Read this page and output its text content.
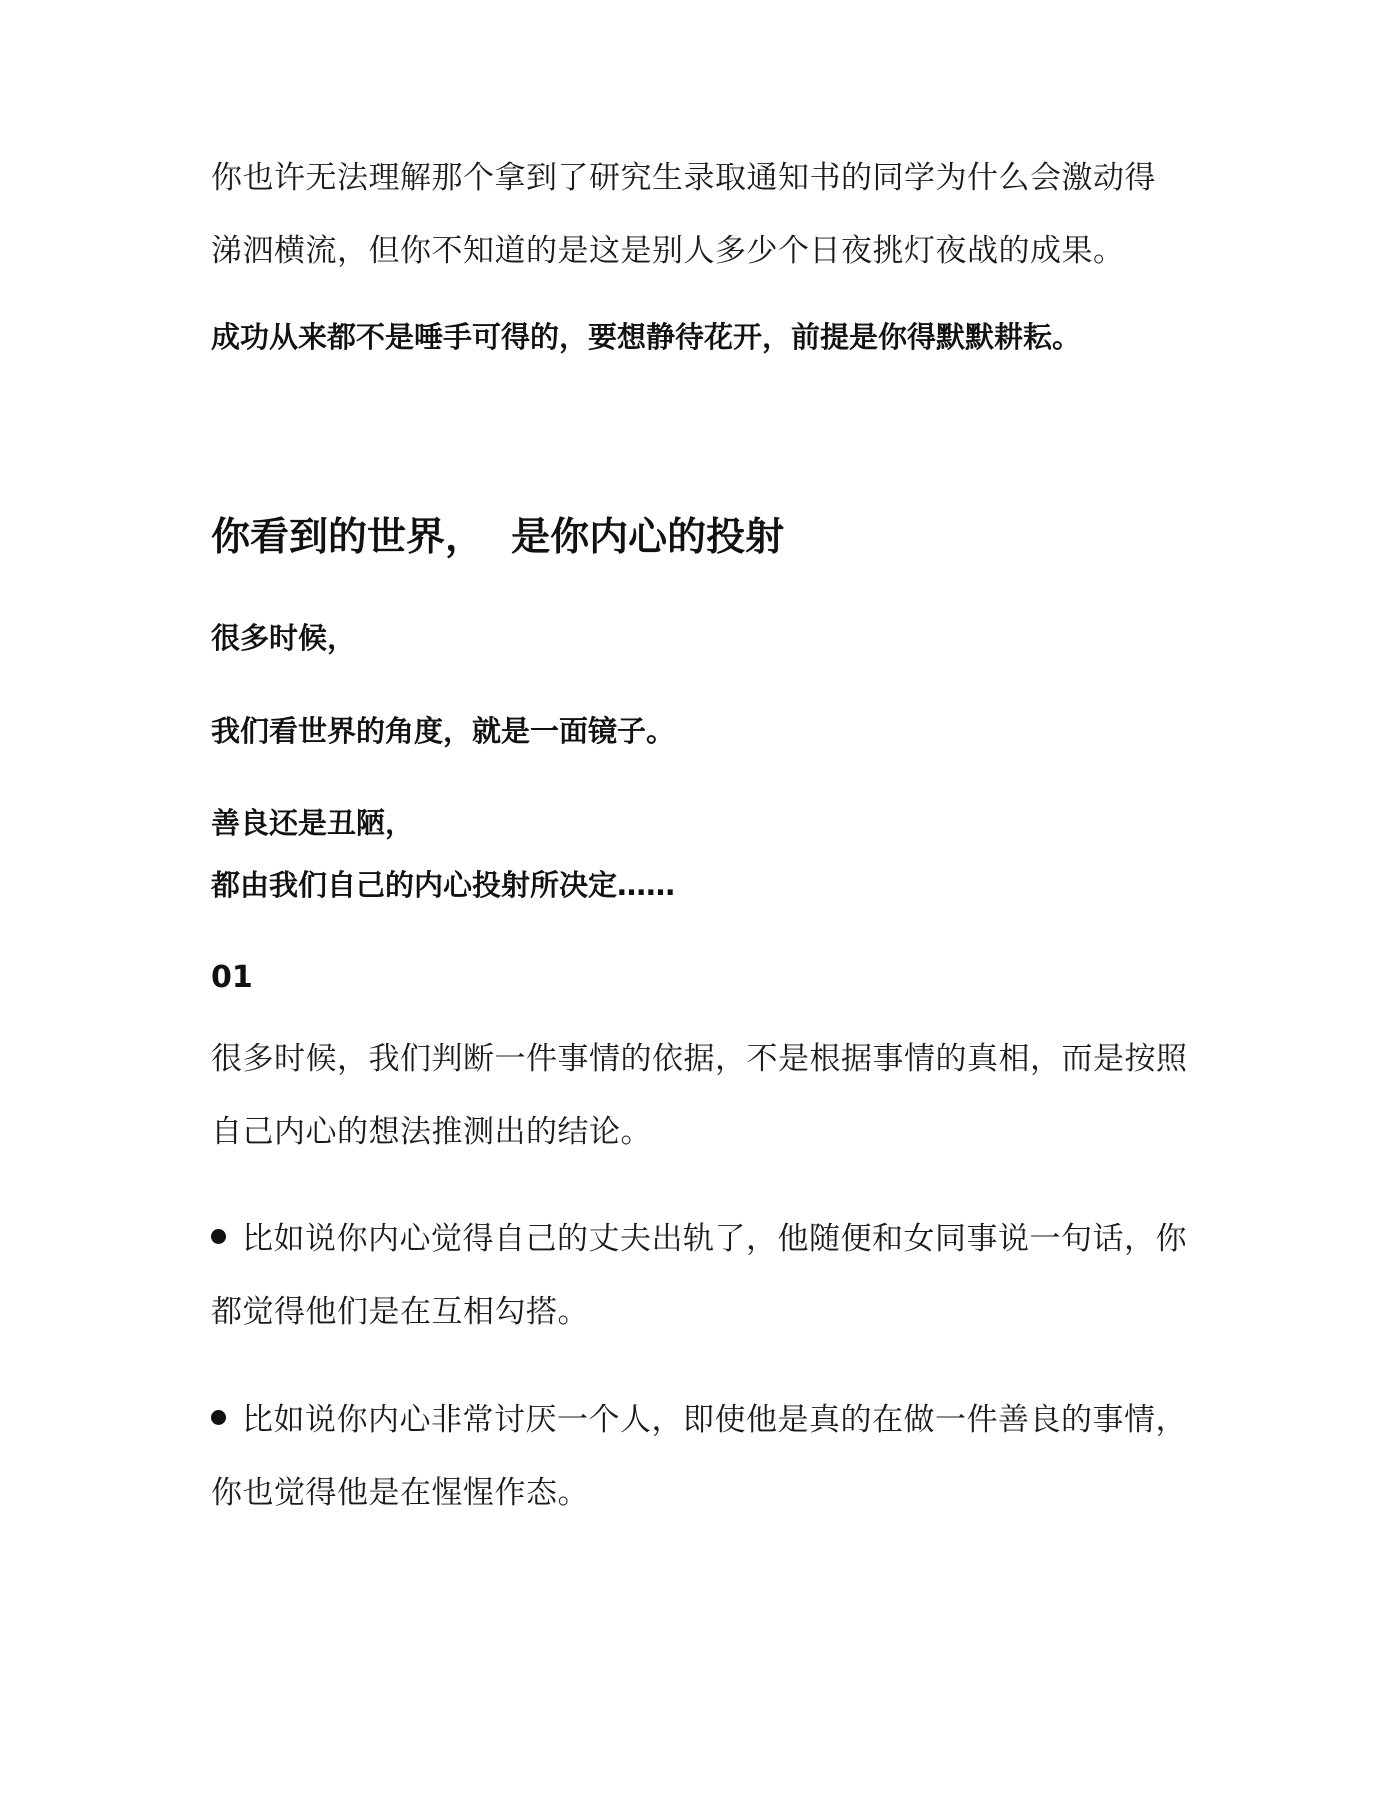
你也许无法理解那个拿到了研究生录取通知书的同学为什么会激动得

涕泗横流，但你不知道的是这是别人多少个日夜挑灯夜战的成果。

成功从来都不是唾手可得的，要想静待花开，前提是你得默默耕耘。

你看到的世界，  是你内心的投射

很多时候，

我们看世界的角度，就是一面镜子。

善良还是丑陋，

都由我们自己的内心投射所决定……

01

很多时候，我们判断一件事情的依据，不是根据事情的真相，而是按照

自己内心的想法推测出的结论。

比如说你内心觉得自己的丈夫出轨了，他随便和女同事说一句话，你

都觉得他们是在互相勾搭。

比如说你内心非常讨厌一个人，即使他是真的在做一件善良的事情，

你也觉得他是在惺惺作态。
